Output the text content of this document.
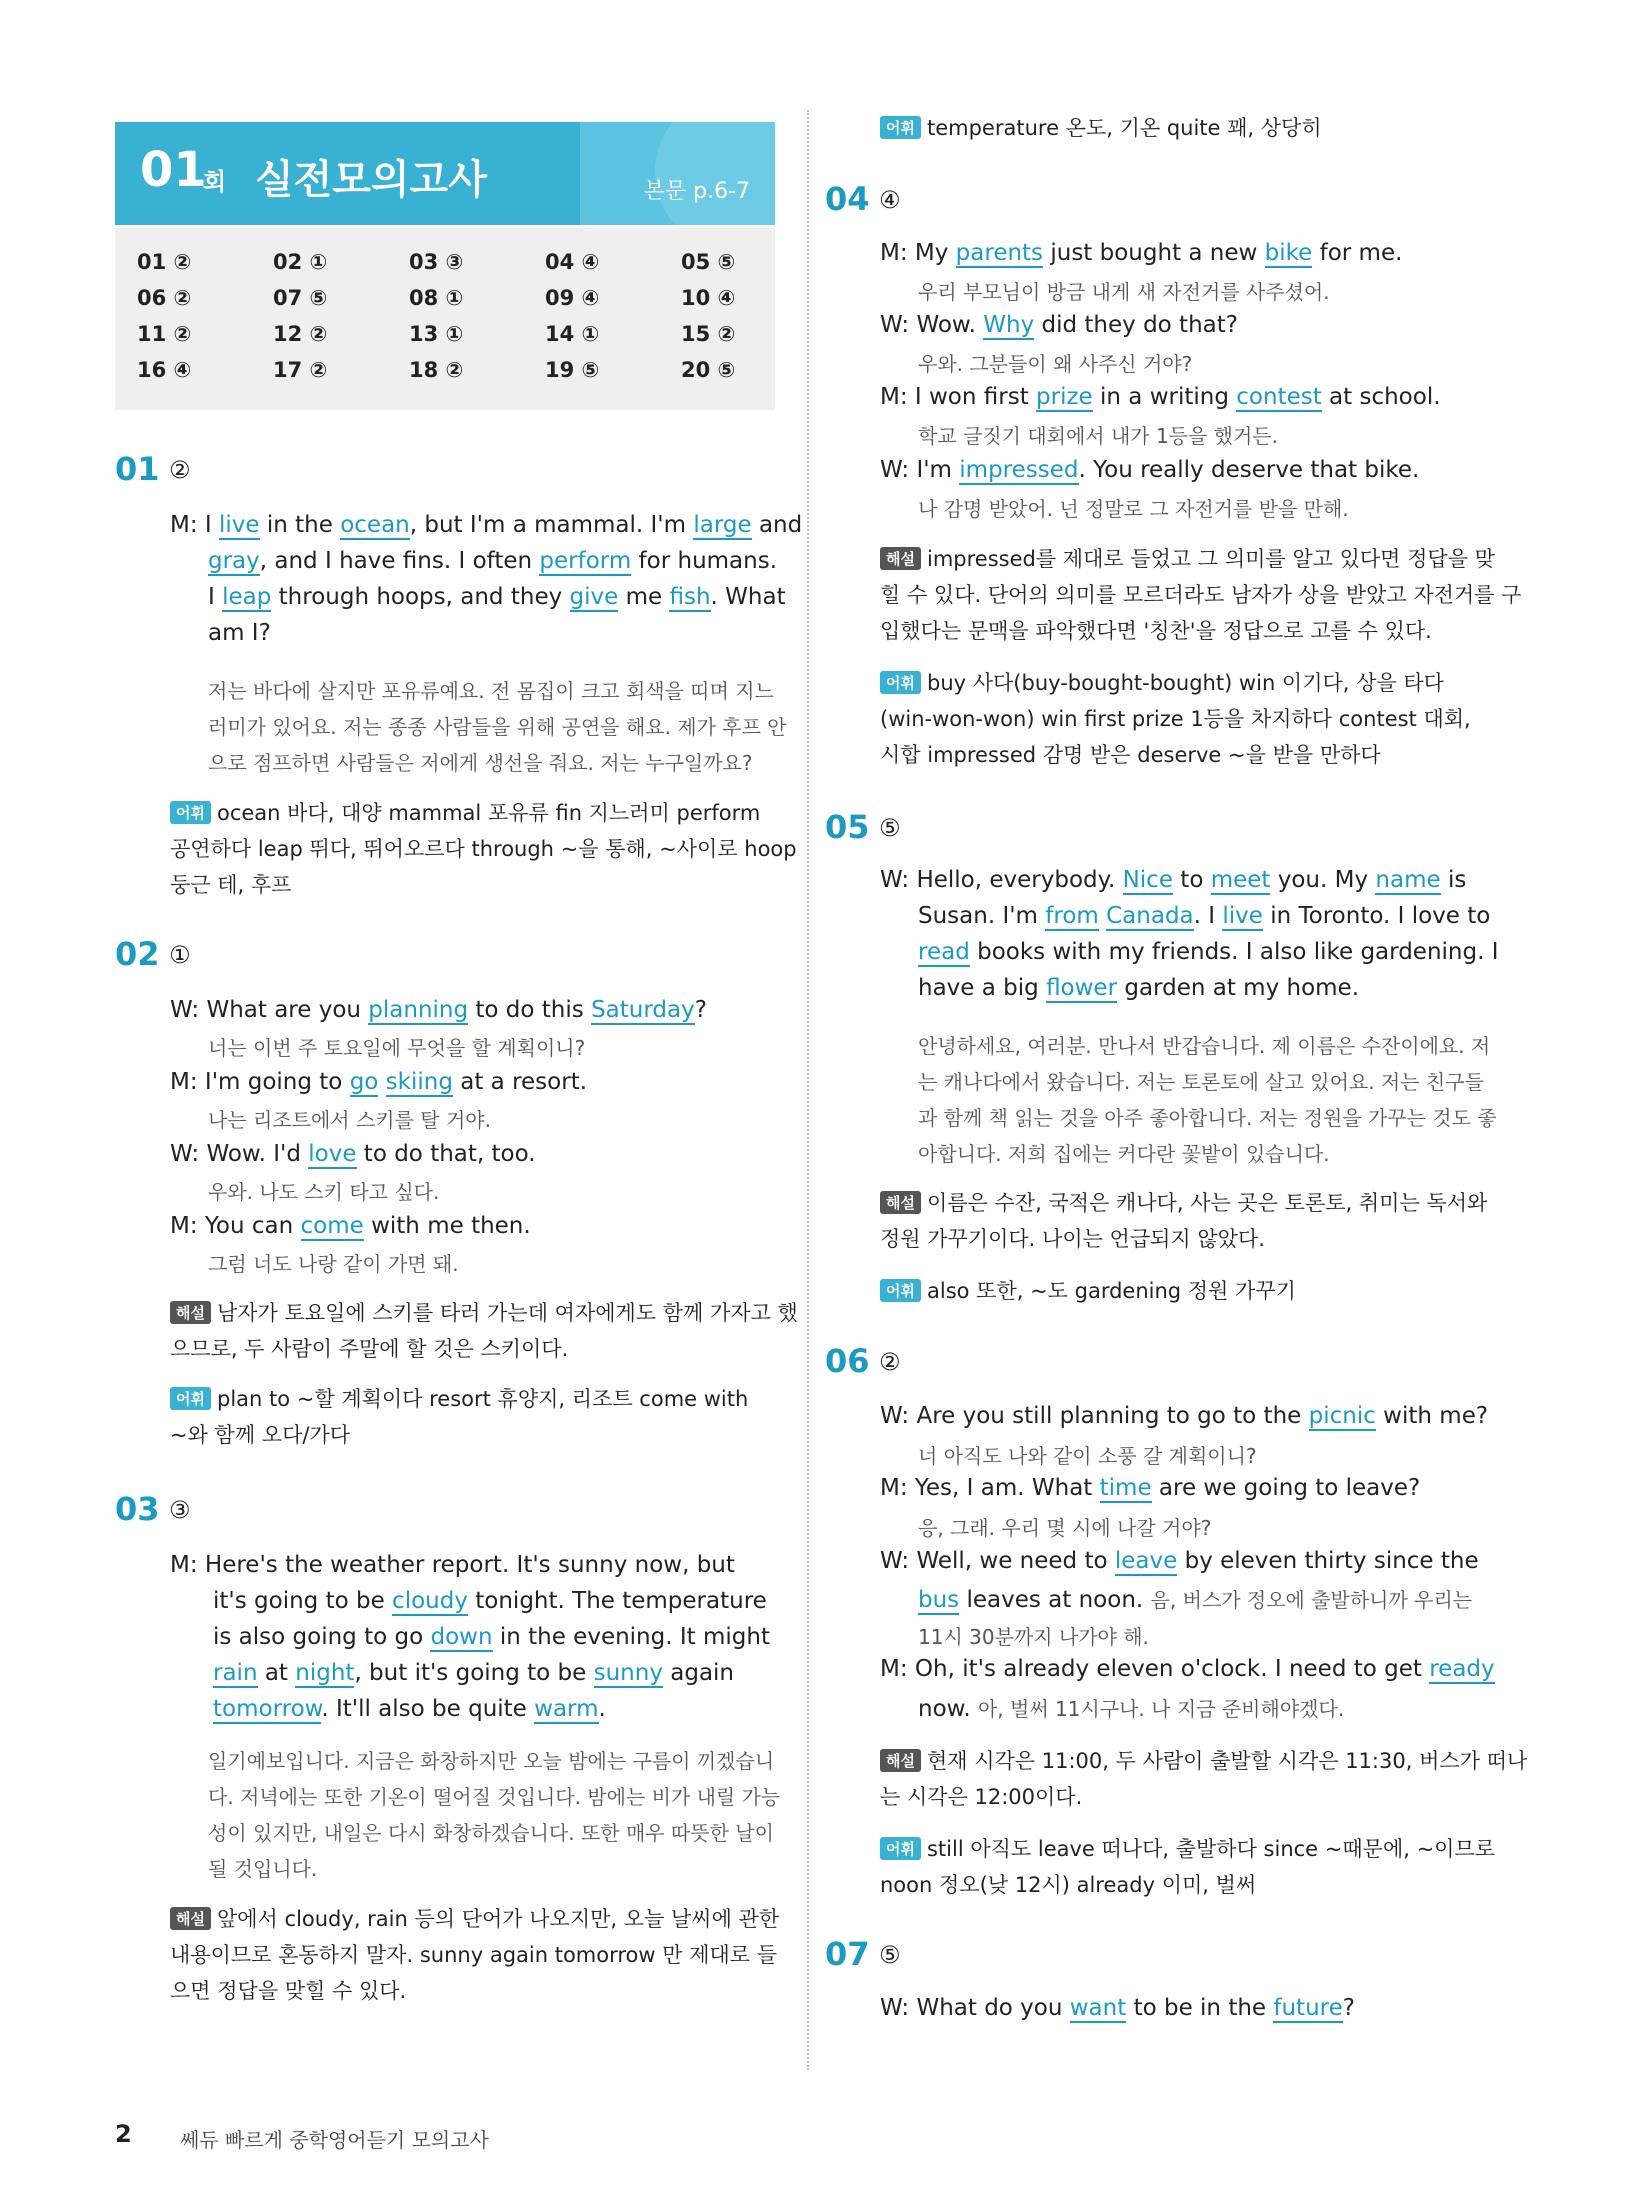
01
회 실전모의고사	본문 p.6-7
01 ②	02 ①	03 ③	04 ④	05 ⑤
06 ②	07 ⑤	08 ①	09 ④	10 ④
11 ②	12 ②	13 ①	14 ①	15 ②
16 ④	17 ②	18 ②	19 ⑤	20 ⑤
01 ②
M: I live in the ocean, but I'm a mammal. I'm large and
gray, and I have fins. I often perform for humans.
I leap through hoops, and they give me fish. What
am I?
저는 바다에 살지만 포유류예요. 전 몸집이 크고 회색을 띠며 지느
러미가 있어요. 저는 종종 사람들을 위해 공연을 해요. 제가 후프 안
으로 점프하면 사람들은 저에게 생선을 줘요. 저는 누구일까요?
어휘 ocean 바다, 대양 mammal 포유류 fin 지느러미 perform
공연하다 leap 뛰다, 뛰어오르다 through ~을 통해, ~사이로 hoop
둥근 테, 후프
02 ①
W: What are you planning to do this Saturday?
너는 이번 주 토요일에 무엇을 할 계획이니?
M: I'm going to go skiing at a resort.
나는 리조트에서 스키를 탈 거야.
W: Wow. I'd love to do that, too.
우와. 나도 스키 타고 싶다.
M: You can come with me then.
그럼 너도 나랑 같이 가면 돼.
해설 남자가 토요일에 스키를 타러 가는데 여자에게도 함께 가자고 했
으므로, 두 사람이 주말에 할 것은 스키이다.
어휘 plan to ~할 계획이다 resort 휴양지, 리조트 come with
~와 함께 오다/가다
03 ③
M: Here's the weather report. It's sunny now, but
it's going to be cloudy tonight. The temperature
is also going to go down in the evening. It might
rain at night, but it's going to be sunny again
tomorrow. It'll also be quite warm.
일기예보입니다. 지금은 화창하지만 오늘 밤에는 구름이 끼겠습니
다. 저녁에는 또한 기온이 떨어질 것입니다. 밤에는 비가 내릴 가능
성이 있지만, 내일은 다시 화창하겠습니다. 또한 매우 따뜻한 날이
될 것입니다.
해설 앞에서 cloudy, rain 등의 단어가 나오지만, 오늘 날씨에 관한
내용이므로 혼동하지 말자. sunny again tomorrow 만 제대로 들
으면 정답을 맞힐 수 있다.
어휘 temperature 온도, 기온 quite 꽤, 상당히
04 ④
M: My parents just bought a new bike for me.
우리 부모님이 방금 내게 새 자전거를 사주셨어.
W: Wow. Why did they do that?
우와. 그분들이 왜 사주신 거야?
M: I won first prize in a writing contest at school.
학교 글짓기 대회에서 내가 1등을 했거든.
W: I'm impressed. You really deserve that bike.
나 감명 받았어. 넌 정말로 그 자전거를 받을 만해.
해설 impressed를 제대로 들었고 그 의미를 알고 있다면 정답을 맞
힐 수 있다. 단어의 의미를 모르더라도 남자가 상을 받았고 자전거를 구
입했다는 문맥을 파악했다면 '칭찬'을 정답으로 고를 수 있다.
어휘 buy 사다(buy-bought-bought) win 이기다, 상을 타다
(win-won-won) win first prize 1등을 차지하다 contest 대회,
시합 impressed 감명 받은 deserve ~을 받을 만하다
05 ⑤
W: Hello, everybody. Nice to meet you. My name is
Susan. I'm from Canada. I live in Toronto. I love to
read books with my friends. I also like gardening. I
have a big flower garden at my home.
안녕하세요, 여러분. 만나서 반갑습니다. 제 이름은 수잔이에요. 저
는 캐나다에서 왔습니다. 저는 토론토에 살고 있어요. 저는 친구들
과 함께 책 읽는 것을 아주 좋아합니다. 저는 정원을 가꾸는 것도 좋
아합니다. 저희 집에는 커다란 꽃밭이 있습니다.
해설 이름은 수잔, 국적은 캐나다, 사는 곳은 토론토, 취미는 독서와
정원 가꾸기이다. 나이는 언급되지 않았다.
어휘 also 또한, ~도 gardening 정원 가꾸기
06 ②
W: Are you still planning to go to the picnic with me?
너 아직도 나와 같이 소풍 갈 계획이니?
M: Yes, I am. What time are we going to leave?
응, 그래. 우리 몇 시에 나갈 거야?
W: Well, we need to leave by eleven thirty since the
bus leaves at noon. 음, 버스가 정오에 출발하니까 우리는
11시 30분까지 나가야 해.
M: Oh, it's already eleven o'clock. I need to get ready
now. 아, 벌써 11시구나. 나 지금 준비해야겠다.
해설 현재 시각은 11:00, 두 사람이 출발할 시각은 11:30, 버스가 떠나
는 시각은 12:00이다.
어휘 still 아직도 leave 떠나다, 출발하다 since ~때문에, ~이므로
noon 정오(낮 12시) already 이미, 벌써
07 ⑤
W: What do you want to be in the future?
2 쎄듀 빠르게 중학영어듣기 모의고사
